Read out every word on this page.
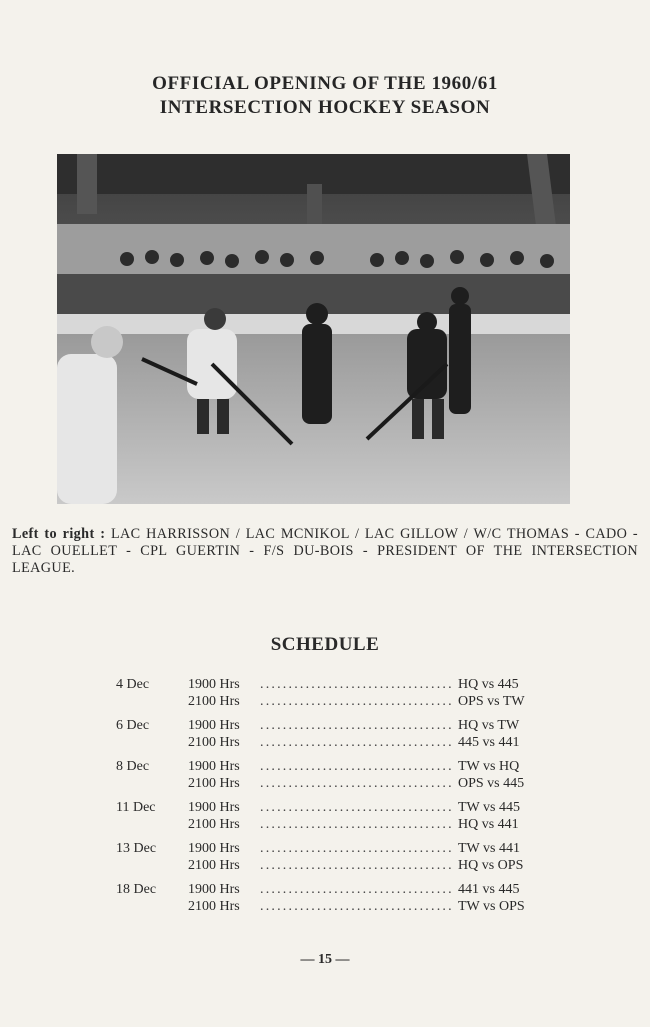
OFFICIAL OPENING OF THE 1960/61
INTERSECTION HOCKEY SEASON
Left to right : LAC HARRISSON / LAC MCNIKOL / LAC GILLOW / W/C THOMAS - CADO - LAC OUELLET - CPL GUERTIN - F/S DU-BOIS - PRESIDENT OF THE INTERSECTION LEAGUE.
SCHEDULE
4 Dec	1900 Hrs .....	HQ vs 445
2100 Hrs .....	OPS vs TW
6 Dec	1900 Hrs .....	HQ vs TW
2100 Hrs .....	445 vs 441
8 Dec	1900 Hrs .....	TW vs HQ
2100 Hrs .....	OPS vs 445
11 Dec	1900 Hrs .....	TW vs 445
2100 Hrs .....	HQ vs 441
13 Dec	1900 Hrs .....	TW vs 441
2100 Hrs .....	HQ vs OPS
18 Dec	1900 Hrs .....	441 vs 445
2100 Hrs .....	TW vs OPS
— 15 —
